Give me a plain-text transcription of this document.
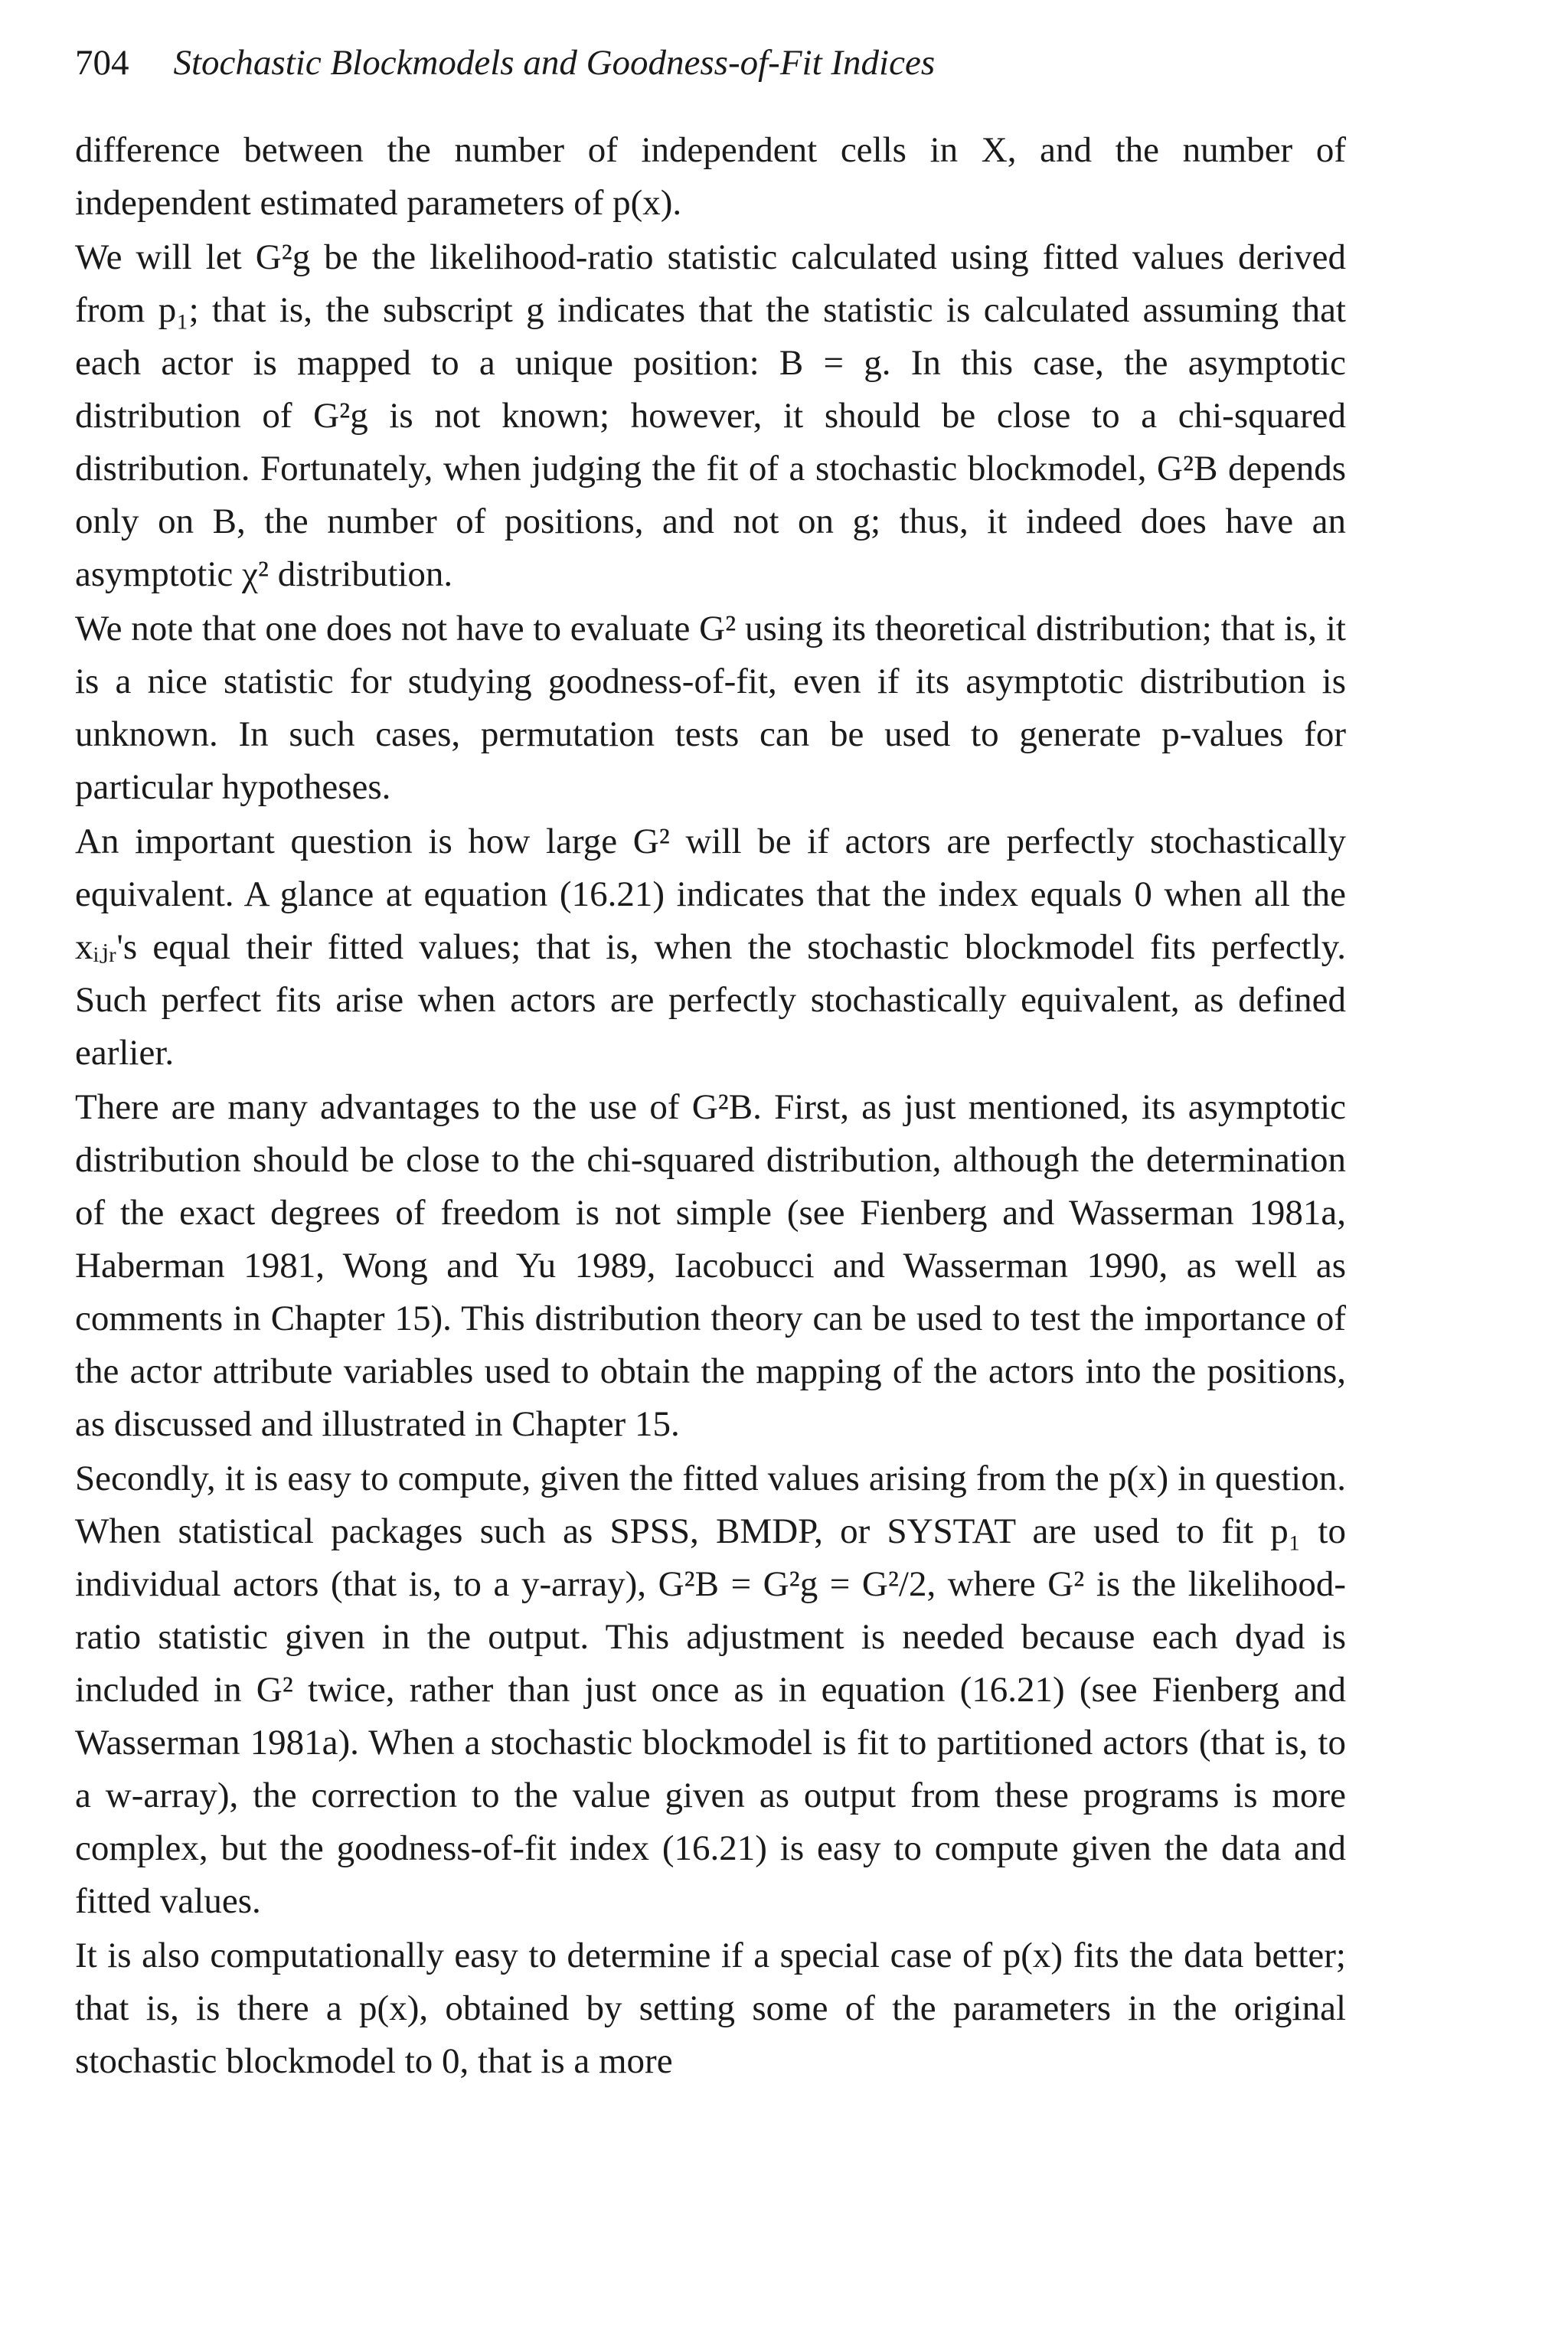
704 Stochastic Blockmodels and Goodness-of-Fit Indices

difference between the number of independent cells in X, and the number of independent estimated parameters of p(x).

We will let G²g be the likelihood-ratio statistic calculated using fitted values derived from p₁; that is, the subscript g indicates that the statistic is calculated assuming that each actor is mapped to a unique position: B = g. In this case, the asymptotic distribution of G²g is not known; however, it should be close to a chi-squared distribution. Fortunately, when judging the fit of a stochastic blockmodel, G²B depends only on B, the number of positions, and not on g; thus, it indeed does have an asymptotic χ² distribution.

We note that one does not have to evaluate G² using its theoretical distribution; that is, it is a nice statistic for studying goodness-of-fit, even if its asymptotic distribution is unknown. In such cases, permutation tests can be used to generate p-values for particular hypotheses.

An important question is how large G² will be if actors are perfectly stochastically equivalent. A glance at equation (16.21) indicates that the index equals 0 when all the xᵢⱼᵣ's equal their fitted values; that is, when the stochastic blockmodel fits perfectly. Such perfect fits arise when actors are perfectly stochastically equivalent, as defined earlier.

There are many advantages to the use of G²B. First, as just mentioned, its asymptotic distribution should be close to the chi-squared distribution, although the determination of the exact degrees of freedom is not simple (see Fienberg and Wasserman 1981a, Haberman 1981, Wong and Yu 1989, Iacobucci and Wasserman 1990, as well as comments in Chapter 15). This distribution theory can be used to test the importance of the actor attribute variables used to obtain the mapping of the actors into the positions, as discussed and illustrated in Chapter 15.

Secondly, it is easy to compute, given the fitted values arising from the p(x) in question. When statistical packages such as SPSS, BMDP, or SYSTAT are used to fit p₁ to individual actors (that is, to a y-array), G²B = G²g = G²/2, where G² is the likelihood-ratio statistic given in the output. This adjustment is needed because each dyad is included in G² twice, rather than just once as in equation (16.21) (see Fienberg and Wasserman 1981a). When a stochastic blockmodel is fit to partitioned actors (that is, to a w-array), the correction to the value given as output from these programs is more complex, but the goodness-of-fit index (16.21) is easy to compute given the data and fitted values.

It is also computationally easy to determine if a special case of p(x) fits the data better; that is, is there a p(x), obtained by setting some of the parameters in the original stochastic blockmodel to 0, that is a more
